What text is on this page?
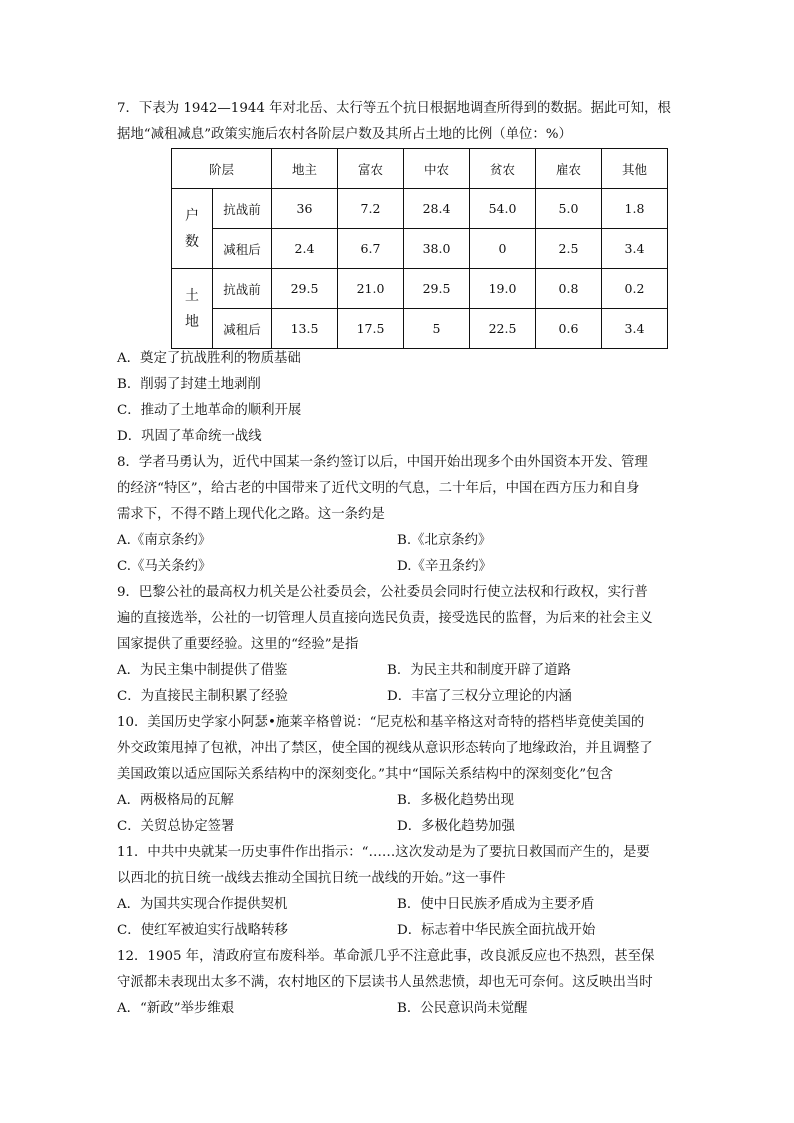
7．下表为 1942—1944 年对北岳、太行等五个抗日根据地调查所得到的数据。据此可知，根
据地“减租减息”政策实施后农村各阶层户数及其所占土地的比例（单位：%）
阶层		地主	富农	中农	贫农	雇农	其他
户数	抗战前	36	7.2	28.4	54.0	5.0	1.8
	减租后	2.4	6.7	38.0	0	2.5	3.4
土地	抗战前	29.5	21.0	29.5	19.0	0.8	0.2
	减租后	13.5	17.5	5	22.5	0.6	3.4
A．奠定了抗战胜利的物质基础
B．削弱了封建土地剥削
C．推动了土地革命的顺利开展
D．巩固了革命统一战线
8．学者马勇认为，近代中国某一条约签订以后，中国开始出现多个由外国资本开发、管理
的经济“特区”，给古老的中国带来了近代文明的气息，二十年后，中国在西方压力和自身
需求下，不得不踏上现代化之路。这一条约是
A.《南京条约》	B.《北京条约》
C.《马关条约》	D.《辛丑条约》
9．巴黎公社的最高权力机关是公社委员会，公社委员会同时行使立法权和行政权，实行普
遍的直接选举，公社的一切管理人员直接向选民负责，接受选民的监督，为后来的社会主义
国家提供了重要经验。这里的“经验”是指
A．为民主集中制提供了借鉴	B．为民主共和制度开辟了道路
C．为直接民主制积累了经验	D．丰富了三权分立理论的内涵
10．美国历史学家小阿瑟•施莱辛格曾说：“尼克松和基辛格这对奇特的搭档毕竟使美国的
外交政策甩掉了包袱，冲出了禁区，使全国的视线从意识形态转向了地缘政治，并且调整了
美国政策以适应国际关系结构中的深刻变化。”其中“国际关系结构中的深刻变化”包含
A．两极格局的瓦解	B．多极化趋势出现
C．关贸总协定签署	D．多极化趋势加强
11．中共中央就某一历史事件作出指示：“……这次发动是为了要抗日救国而产生的，是要
以西北的抗日统一战线去推动全国抗日统一战线的开始。”这一事件
A．为国共实现合作提供契机	B．使中日民族矛盾成为主要矛盾
C．使红军被迫实行战略转移	D．标志着中华民族全面抗战开始
12．1905 年，清政府宣布废科举。革命派几乎不注意此事，改良派反应也不热烈，甚至保
守派都未表现出太多不满，农村地区的下层读书人虽然悲愤，却也无可奈何。这反映出当时
A．“新政”举步维艰	B．公民意识尚未觉醒
